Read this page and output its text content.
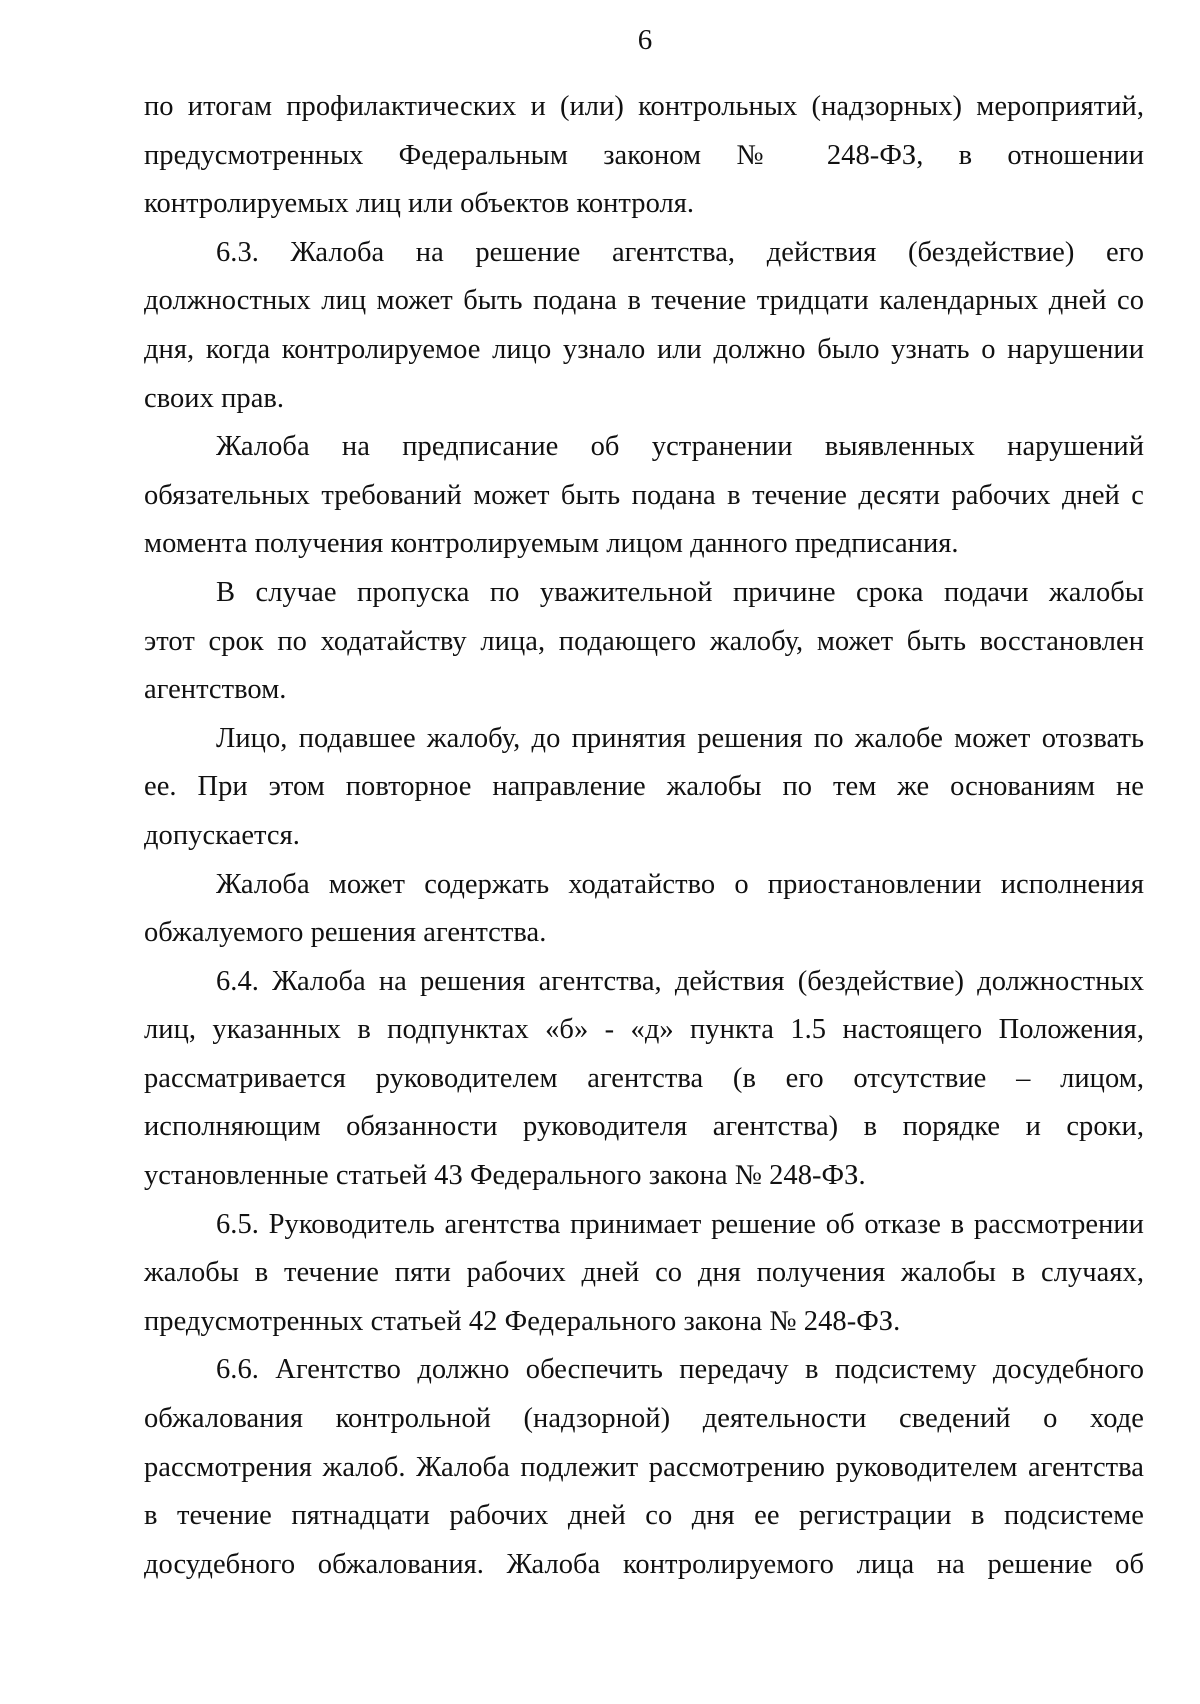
6
по итогам профилактических и (или) контрольных (надзорных) мероприятий,
предусмотренных Федеральным законом № 248-ФЗ, в отношении
контролируемых лиц или объектов контроля.
6.3. Жалоба на решение агентства, действия (бездействие) его
должностных лиц может быть подана в течение тридцати календарных дней со
дня, когда контролируемое лицо узнало или должно было узнать о нарушении
своих прав.
Жалоба на предписание об устранении выявленных нарушений
обязательных требований может быть подана в течение десяти рабочих дней с
момента получения контролируемым лицом данного предписания.
В случае пропуска по уважительной причине срока подачи жалобы
этот срок по ходатайству лица, подающего жалобу, может быть восстановлен
агентством.
Лицо, подавшее жалобу, до принятия решения по жалобе может отозвать
ее. При этом повторное направление жалобы по тем же основаниям не
допускается.
Жалоба может содержать ходатайство о приостановлении исполнения
обжалуемого решения агентства.
6.4. Жалоба на решения агентства, действия (бездействие) должностных
лиц, указанных в подпунктах «б» - «д» пункта 1.5 настоящего Положения,
рассматривается руководителем агентства (в его отсутствие – лицом,
исполняющим обязанности руководителя агентства) в порядке и сроки,
установленные статьей 43 Федерального закона № 248-ФЗ.
6.5. Руководитель агентства принимает решение об отказе в рассмотрении
жалобы в течение пяти рабочих дней со дня получения жалобы в случаях,
предусмотренных статьей 42 Федерального закона № 248-ФЗ.
6.6. Агентство должно обеспечить передачу в подсистему досудебного
обжалования контрольной (надзорной) деятельности сведений о ходе
рассмотрения жалоб. Жалоба подлежит рассмотрению руководителем агентства
в течение пятнадцати рабочих дней со дня ее регистрации в подсистеме
досудебного обжалования. Жалоба контролируемого лица на решение об
